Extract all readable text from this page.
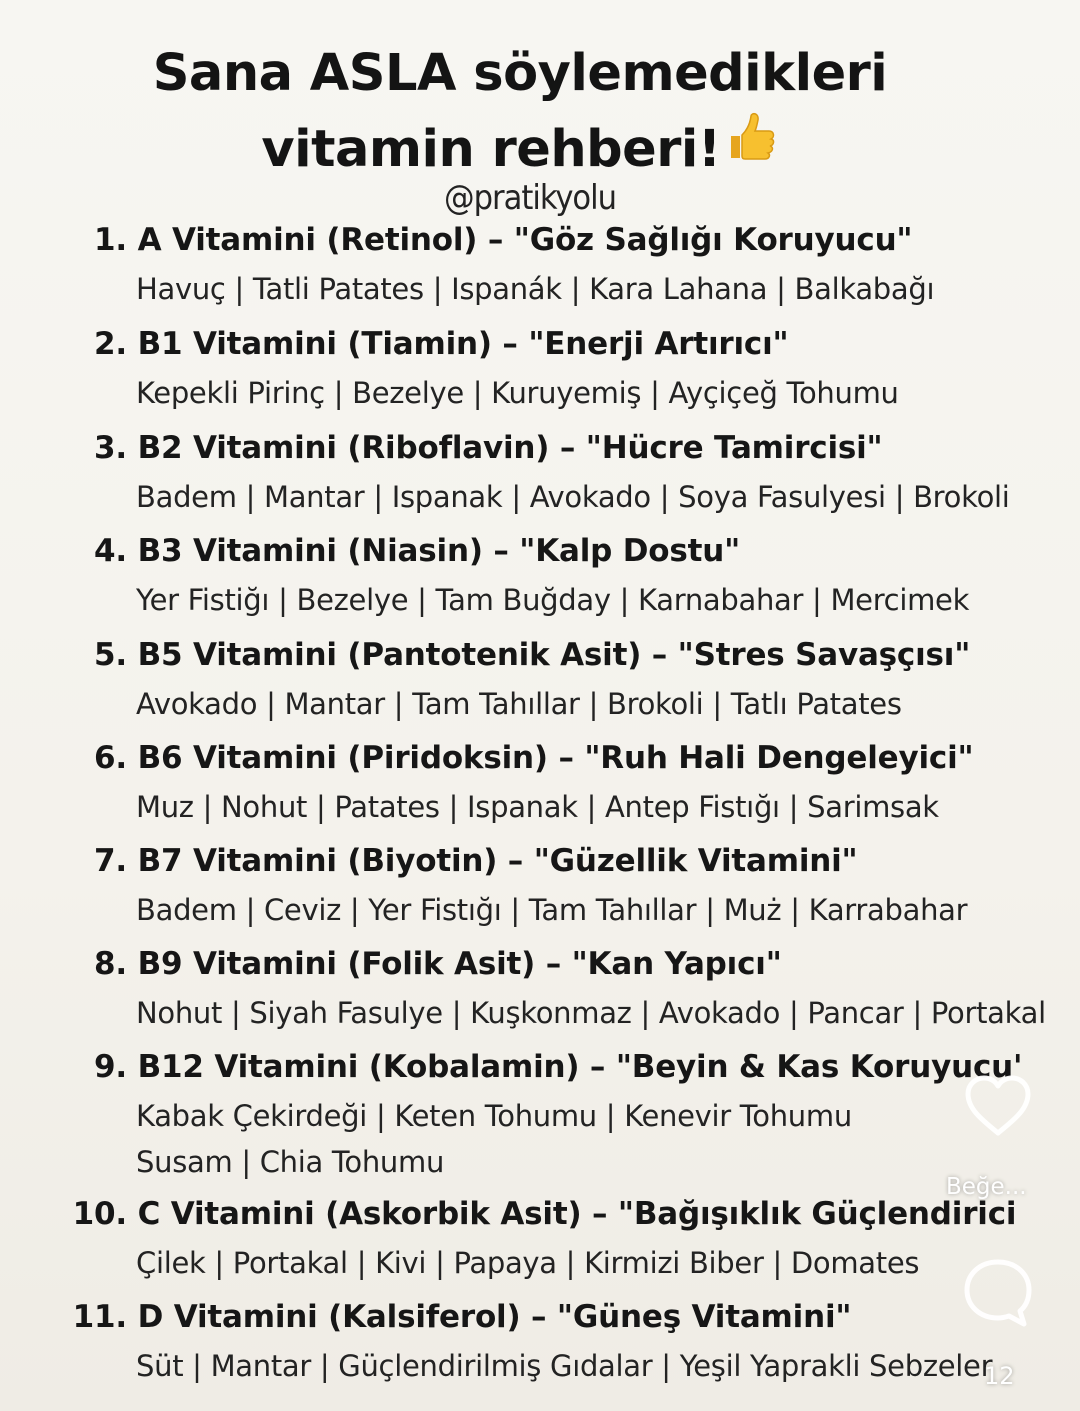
Sana ASLA söylemedikleri
vitamin rehberi!
@pratikyolu
1. A Vitamini (Retinol) – "Göz Sağlığı Koruyucu"
Havuç | Tatli Patates | Ispanák | Kara Lahana | Balkabağı
2. B1 Vitamini (Tiamin) – "Enerji Artırıcı"
Kepekli Pirinç | Bezelye | Kuruyemiş | Ayçiçeğ Tohumu
3. B2 Vitamini (Riboflavin) – "Hücre Tamircisi"
Badem | Mantar | Ispanak | Avokado | Soya Fasulyesi | Brokoli
4. B3 Vitamini (Niasin) – "Kalp Dostu"
Yer Fistiğı | Bezelye | Tam Buğday | Karnabahar | Mercimek
5. B5 Vitamini (Pantotenik Asit) – "Stres Savaşçısı"
Avokado | Mantar | Tam Tahıllar | Brokoli | Tatlı Patates
6. B6 Vitamini (Piridoksin) – "Ruh Hali Dengeleyici"
Muz | Nohut | Patates | Ispanak | Antep Fistığı | Sarimsak
7. B7 Vitamini (Biyotin) – "Güzellik Vitamini"
Badem | Ceviz | Yer Fistığı | Tam Tahıllar | Muż | Karrabahar
8. B9 Vitamini (Folik Asit) – "Kan Yapıcı"
Nohut | Siyah Fasulye | Kuşkonmaz | Avokado | Pancar | Portakal
9. B12 Vitamini (Kobalamin) – "Beyin & Kas Koruyucu'
Kabak Çekirdeği | Keten Tohumu | Kenevir Tohumu
Susam | Chia Tohumu
10. C Vitamini (Askorbik Asit) – "Bağışıklık Güçlendirici
Çilek | Portakal | Kivi | Papaya | Kirmizi Biber | Domates
11. D Vitamini (Kalsiferol) – "Güneş Vitamini"
Süt | Mantar | Güçlendirilmiş Gıdalar | Yeşil Yaprakli Sebzeler
Beğe...
12
